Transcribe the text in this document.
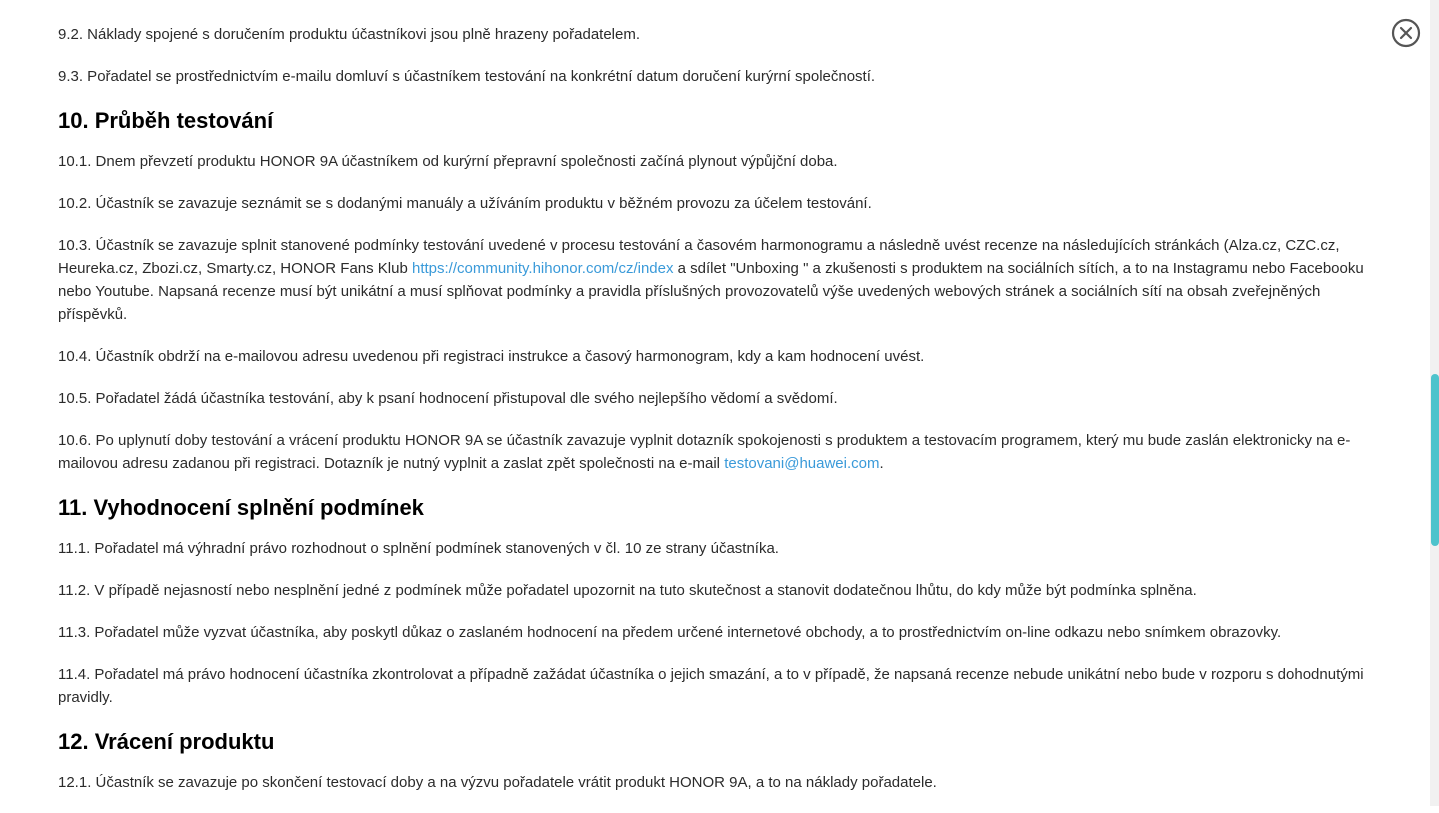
9.2. Náklady spojené s doručením produktu účastníkovi jsou plně hrazeny pořadatelem.

9.3. Pořadatel se prostřednictvím e-mailu domluví s účastníkem testování na konkrétní datum doručení kurýrní společností.

10. Průběh testování

10.1. Dnem převzetí produktu HONOR 9A účastníkem od kurýrní přepravní společnosti začíná plynout výpůjční doba.

10.2. Účastník se zavazuje seznámit se s dodanými manuály a užíváním produktu v běžném provozu za účelem testování.

10.3. Účastník se zavazuje splnit stanovené podmínky testování uvedené v procesu testování a časovém harmonogramu a následně uvést recenze na následujících stránkách (Alza.cz, CZC.cz, Heureka.cz, Zbozi.cz, Smarty.cz, HONOR Fans Klub https://community.hihonor.com/cz/index a sdílet "Unboxing " a zkušenosti s produktem na sociálních sítích, a to na Instagramu nebo Facebooku nebo Youtube. Napsaná recenze musí být unikátní a musí splňovat podmínky a pravidla příslušných provozovatelů výše uvedených webových stránek a sociálních sítí na obsah zveřejněných příspěvků.

10.4. Účastník obdrží na e-mailovou adresu uvedenou při registraci instrukce a časový harmonogram, kdy a kam hodnocení uvést.

10.5. Pořadatel žádá účastníka testování, aby k psaní hodnocení přistupoval dle svého nejlepšího vědomí a svědomí.

10.6. Po uplynutí doby testování a vrácení produktu HONOR 9A se účastník zavazuje vyplnit dotazník spokojenosti s produktem a testovacím programem, který mu bude zaslán elektronicky na e-mailovou adresu zadanou při registraci. Dotazník je nutný vyplnit a zaslat zpět společnosti na e-mail testovani@huawei.com.

11. Vyhodnocení splnění podmínek

11.1. Pořadatel má výhradní právo rozhodnout o splnění podmínek stanovených v čl. 10 ze strany účastníka.

11.2. V případě nejasností nebo nesplnění jedné z podmínek může pořadatel upozornit na tuto skutečnost a stanovit dodatečnou lhůtu, do kdy může být podmínka splněna.

11.3. Pořadatel může vyzvat účastníka, aby poskytl důkaz o zaslaném hodnocení na předem určené internetové obchody, a to prostřednictvím on-line odkazu nebo snímkem obrazovky.

11.4. Pořadatel má právo hodnocení účastníka zkontrolovat a případně zažádat účastníka o jejich smazání, a to v případě, že napsaná recenze nebude unikátní nebo bude v rozporu s dohodnutými pravidly.

12. Vrácení produktu

12.1. Účastník se zavazuje po skončení testovací doby a na výzvu pořadatele vrátit produkt HONOR 9A, a to na náklady pořadatele.
